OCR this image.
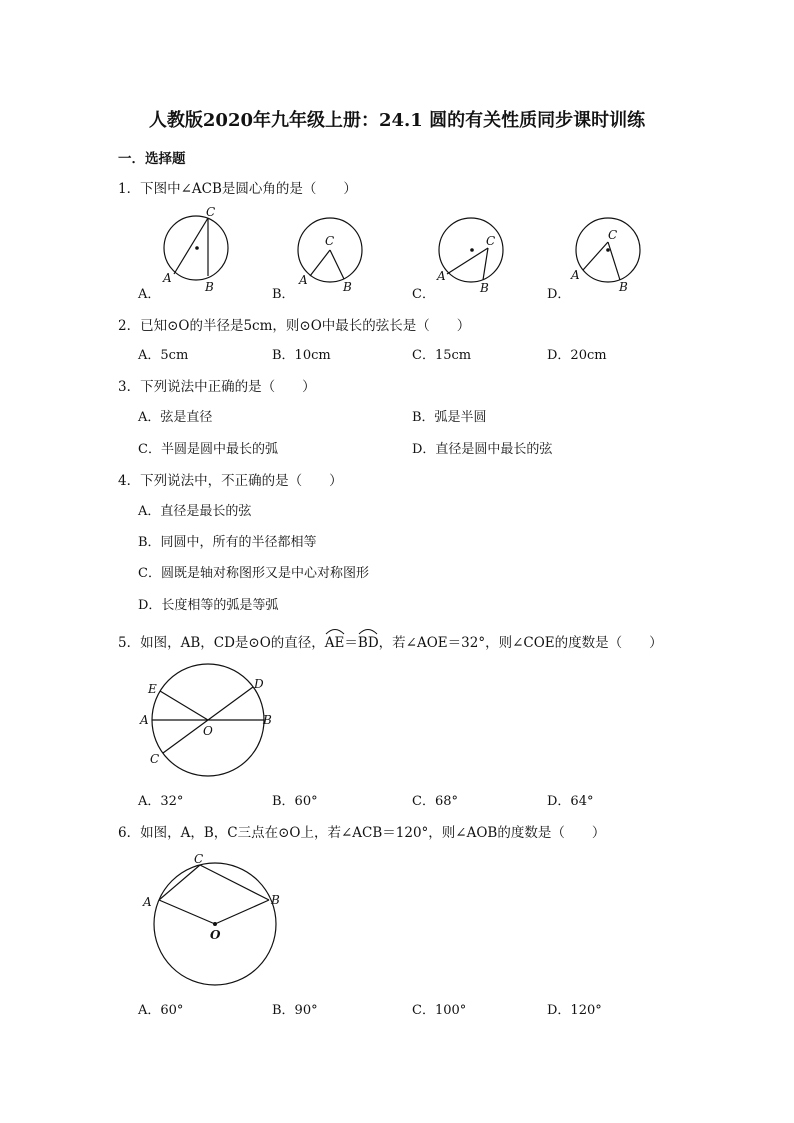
人教版2020年九年级上册：24.1 圆的有关性质同步课时训练
一．选择题
1．下图中∠ACB是圆心角的是（　　）
C
A
B
A．
C
A	B
B．
C
A
B
C．
C
A
B
D．
2．已知⊙O的半径是5cm，则⊙O中最长的弦长是（　　）
A．5cm	B．10cm	C．15cm	D．20cm
3．下列说法中正确的是（　　）
A．弦是直径	B．弧是半圆
C．半圆是圆中最长的弧	D．直径是圆中最长的弦
4．下列说法中，不正确的是（　　）
A．直径是最长的弦
B．同圆中，所有的半径都相等
C．圆既是轴对称图形又是中心对称图形
D．长度相等的弧是等弧
5．如图，AB，CD是⊙O的直径，
AE＝
BD，若∠AOE＝32°，则∠COE的度数是（　　）
E	D
A	B
O
C
A．32°	B．60°	C．68°	D．64°
6．如图，A，B，C三点在⊙O上，若∠ACB＝120°，则∠AOB的度数是（　　）
C
A	B
O
A．60°	B．90°	C．100°	D．120°
